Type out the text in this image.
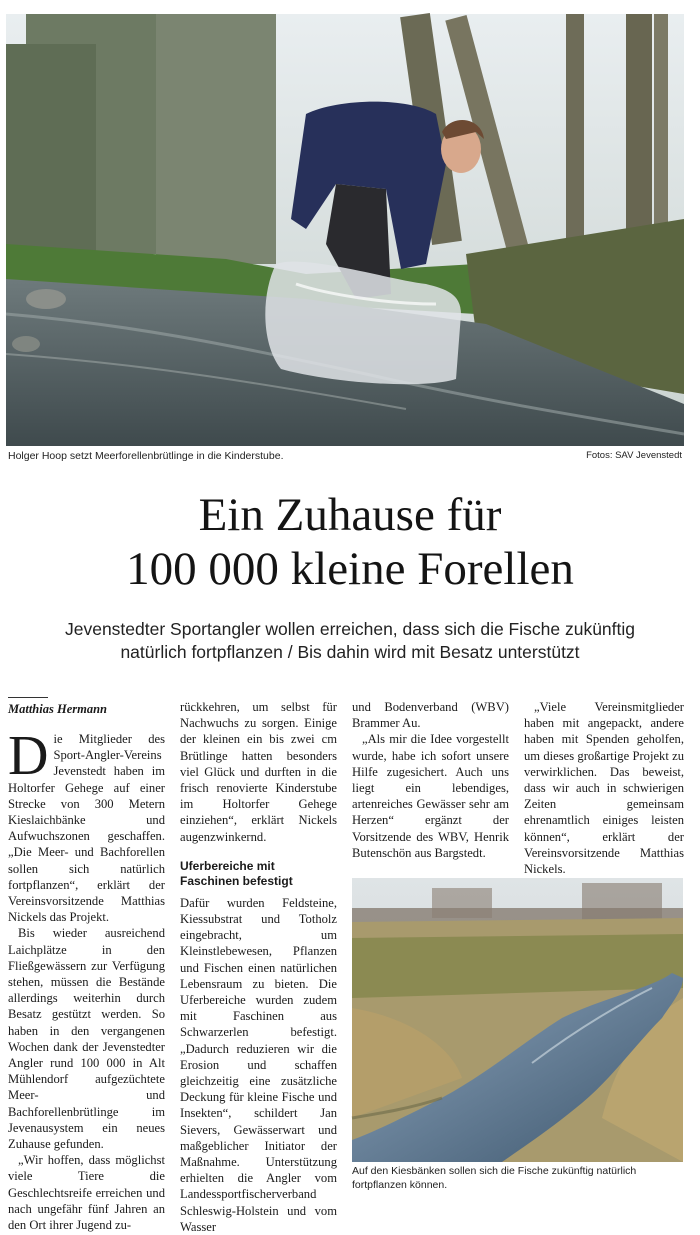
Holger Hoop setzt Meerforellenbrütlinge in die Kinderstube.	Fotos: SAV Jevenstedt
Ein Zuhause für
100 000 kleine Forellen
Jevenstedter Sportangler wollen erreichen, dass sich die Fische zukünftig
natürlich fortpflanzen / Bis dahin wird mit Besatz unterstützt
Matthias Hermann

Die Mitglieder des Sport-Angler-Vereins Jevenstedt haben im Holtorfer Gehege auf einer Strecke von 300 Metern Kieslaichbänke und Aufwuchszonen geschaffen. „Die Meer- und Bachforellen sollen sich natürlich fortpflanzen“, erklärt der Vereinsvorsitzende Matthias Nickels das Projekt.

Bis wieder ausreichend Laichplätze in den Fließgewässern zur Verfügung stehen, müssen die Bestände allerdings weiterhin durch Besatz gestützt werden. So haben in den vergangenen Wochen dank der Jevenstedter Angler rund 100 000 in Alt Mühlendorf aufgezüchtete Meer- und Bachforellenbrütlinge im Jevenausystem ein neues Zuhause gefunden.

„Wir hoffen, dass möglichst viele Tiere die Geschlechtsreife erreichen und nach ungefähr fünf Jahren an den Ort ihrer Jugend zu-

rückkehren, um selbst für Nachwuchs zu sorgen. Einige der kleinen ein bis zwei cm Brütlinge hatten besonders viel Glück und durften in die frisch renovierte Kinderstube im Holtorfer Gehege einziehen“, erklärt Nickels augenzwinkernd.

Uferbereiche mit Faschinen befestigt

Dafür wurden Feldsteine, Kiessubstrat und Totholz eingebracht, um Kleinstlebewesen, Pflanzen und Fischen einen natürlichen Lebensraum zu bieten. Die Uferbereiche wurden zudem mit Faschinen aus Schwarzerlen befestigt. „Dadurch reduzieren wir die Erosion und schaffen gleichzeitig eine zusätzliche Deckung für kleine Fische und Insekten“, schildert Jan Sievers, Gewässerwart und maßgeblicher Initiator der Maßnahme. Unterstützung erhielten die Angler vom Landessportfischerverband Schleswig-Holstein und vom Wasser

und Bodenverband (WBV) Brammer Au.

„Als mir die Idee vorgestellt wurde, habe ich sofort unsere Hilfe zugesichert. Auch uns liegt ein lebendiges, artenreiches Gewässer sehr am Herzen“ ergänzt der Vorsitzende des WBV, Henrik Butenschön aus Bargstedt.

„Viele Vereinsmitglieder haben mit angepackt, andere haben mit Spenden geholfen, um dieses großartige Projekt zu verwirklichen. Das beweist, dass wir auch in schwierigen Zeiten gemeinsam ehrenamtlich einiges leisten können“, erklärt der Vereinsvorsitzende Matthias Nickels.

Auf den Kiesbänken sollen sich die Fische zukünftig natürlich fortpflanzen können.
